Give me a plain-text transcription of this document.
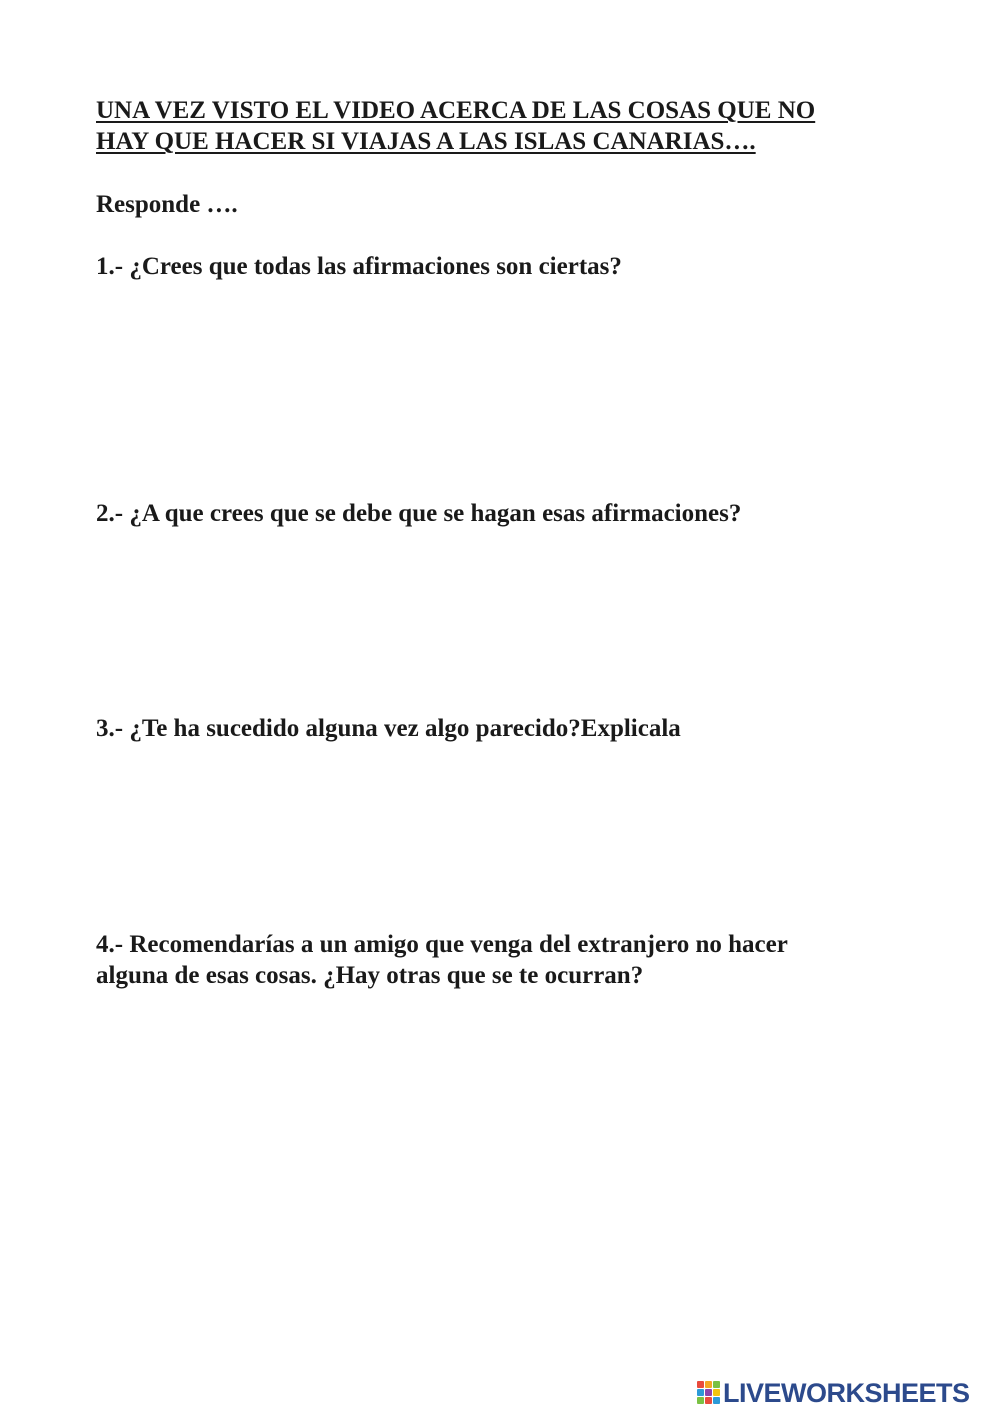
UNA VEZ VISTO EL VIDEO ACERCA DE LAS COSAS QUE NO
HAY QUE HACER SI VIAJAS A LAS ISLAS CANARIAS….

Responde ….

1.- ¿Crees que todas las afirmaciones son ciertas?

2.- ¿A que crees que se debe que se hagan esas afirmaciones?

3.- ¿Te ha sucedido alguna vez algo parecido?Explicala

4.- Recomendarías a un amigo que venga del extranjero no hacer
alguna de esas cosas. ¿Hay otras que se te ocurran?

LIVEWORKSHEETS
